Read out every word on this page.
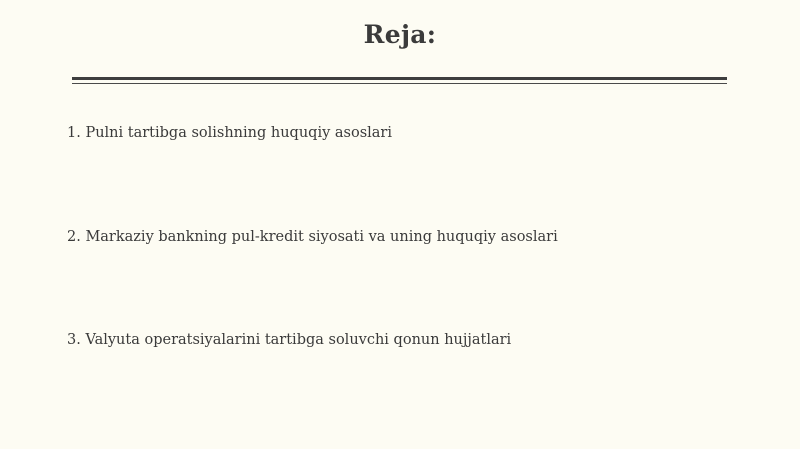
Reja:
1. Pulni tartibga solishning huquqiy asoslari
2. Markaziy bankning pul-kredit siyosati va uning huquqiy asoslari
3. Valyuta operatsiyalarini tartibga soluvchi qonun hujjatlari
